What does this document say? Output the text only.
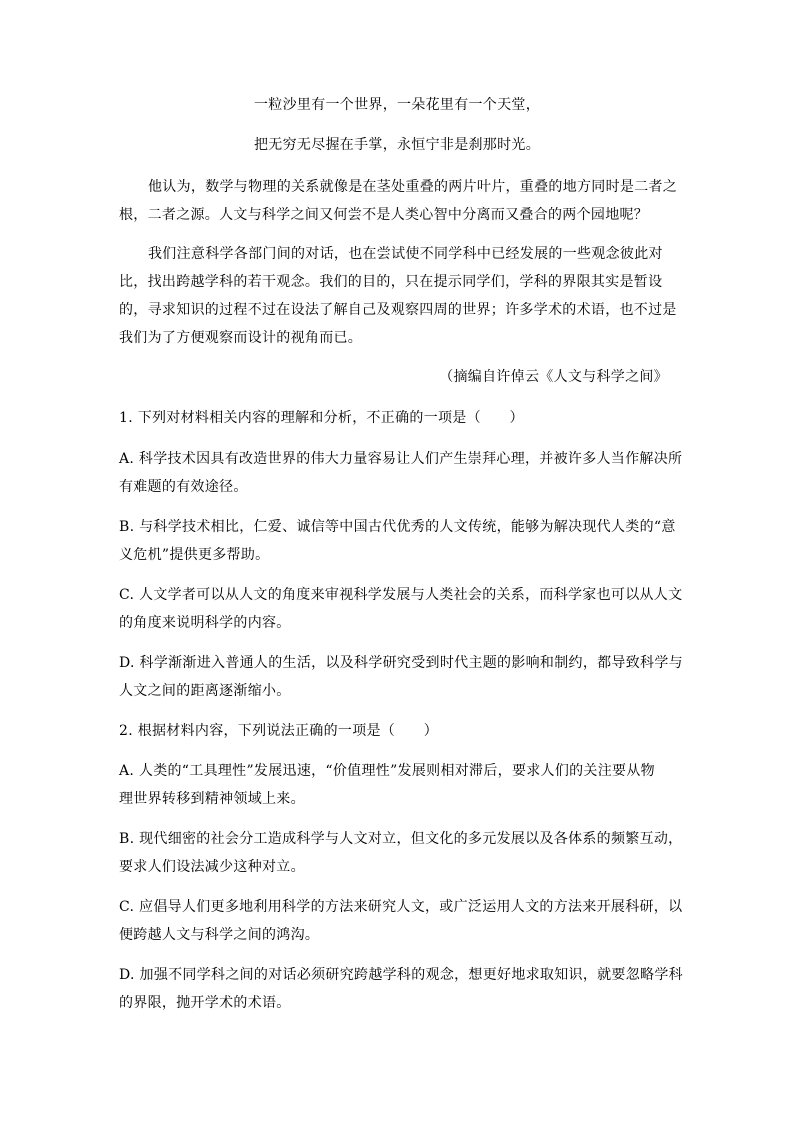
一粒沙里有一个世界，一朵花里有一个天堂，
把无穷无尽握在手掌，永恒宁非是刹那时光。
他认为，数学与物理的关系就像是在茎处重叠的两片叶片，重叠的地方同时是二者之
根，二者之源。人文与科学之间又何尝不是人类心智中分离而又叠合的两个园地呢？
我们注意科学各部门间的对话，也在尝试使不同学科中已经发展的一些观念彼此对
比，找出跨越学科的若干观念。我们的目的，只在提示同学们，学科的界限其实是暂设
的，寻求知识的过程不过在设法了解自己及观察四周的世界；许多学术的术语，也不过是
我们为了方便观察而设计的视角而已。
（摘编自许倬云《人文与科学之间》
1. 下列对材料相关内容的理解和分析，不正确的一项是（　　）
A. 科学技术因具有改造世界的伟大力量容易让人们产生崇拜心理，并被许多人当作解决所
有难题的有效途径。
B. 与科学技术相比，仁爱、诚信等中国古代优秀的人文传统，能够为解决现代人类的“意
义危机”提供更多帮助。
C. 人文学者可以从人文的角度来审视科学发展与人类社会的关系，而科学家也可以从人文
的角度来说明科学的内容。
D. 科学渐渐进入普通人的生活，以及科学研究受到时代主题的影响和制约，都导致科学与
人文之间的距离逐渐缩小。
2. 根据材料内容，下列说法正确的一项是（　　）
A. 人类的“工具理性”发展迅速，“价值理性”发展则相对滞后，要求人们的关注要从物
理世界转移到精神领域上来。
B. 现代细密的社会分工造成科学与人文对立，但文化的多元发展以及各体系的频繁互动，
要求人们设法减少这种对立。
C. 应倡导人们更多地利用科学的方法来研究人文，或广泛运用人文的方法来开展科研，以
便跨越人文与科学之间的鸿沟。
D. 加强不同学科之间的对话必须研究跨越学科的观念，想更好地求取知识，就要忽略学科
的界限，抛开学术的术语。
